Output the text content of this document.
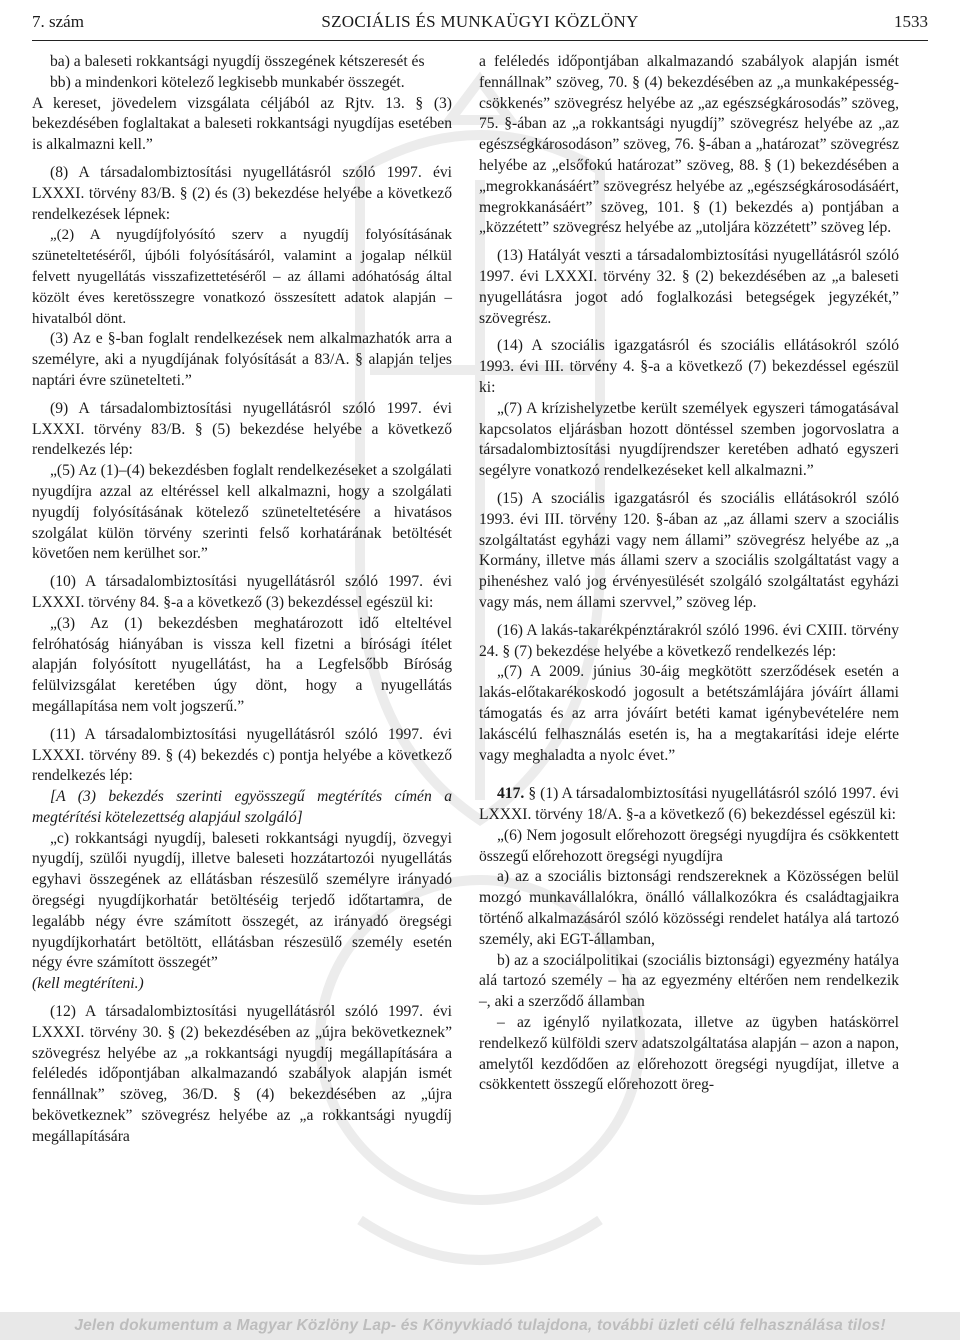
7. szám	SZOCIÁLIS ÉS MUNKAÜGYI KÖZLÖNY	1533

ba) a baleseti rokkantsági nyugdíj összegének kétszeresét és

bb) a mindenkori kötelező legkisebb munkabér összegét.

A kereset, jövedelem vizsgálata céljából az Rjtv. 13. § (3) bekezdésében foglaltakat a baleseti rokkantsági nyugdíjas esetében is alkalmazni kell.”

(8) A társadalombiztosítási nyugellátásról szóló 1997. évi LXXXI. törvény 83/B. § (2) és (3) bekezdése helyébe a következő rendelkezések lépnek:

„(2) A nyugdíjfolyósító szerv a nyugdíj folyósításának szüneteltetéséről, újbóli folyósításáról, valamint a jogalap nélkül felvett nyugellátás visszafizettetéséről – az állami adóhatóság által közölt éves keretösszegre vonatkozó összesített adatok alapján – hivatalból dönt.

(3) Az e §-ban foglalt rendelkezések nem alkalmazhatók arra a személyre, aki a nyugdíjának folyósítását a 83/A. § alapján teljes naptári évre szünetelteti.”

(9) A társadalombiztosítási nyugellátásról szóló 1997. évi LXXXI. törvény 83/B. § (5) bekezdése helyébe a következő rendelkezés lép:

„(5) Az (1)–(4) bekezdésben foglalt rendelkezéseket a szolgálati nyugdíjra azzal az eltéréssel kell alkalmazni, hogy a szolgálati nyugdíj folyósításának kötelező szüneteltetésére a hivatásos szolgálat külön törvény szerinti felső korhatárának betöltését követően nem kerülhet sor.”

(10) A társadalombiztosítási nyugellátásról szóló 1997. évi LXXXI. törvény 84. §-a a következő (3) bekezdéssel egészül ki:

„(3) Az (1) bekezdésben meghatározott idő elteltével felróhatóság hiányában is vissza kell fizetni a bírósági ítélet alapján folyósított nyugellátást, ha a Legfelsőbb Bíróság felülvizsgálat keretében úgy dönt, hogy a nyugellátás megállapítása nem volt jogszerű.”

(11) A társadalombiztosítási nyugellátásról szóló 1997. évi LXXXI. törvény 89. § (4) bekezdés c) pontja helyébe a következő rendelkezés lép:

[A (3) bekezdés szerinti egyösszegű megtérítés címén a megtérítési kötelezettség alapjául szolgáló]

„c) rokkantsági nyugdíj, baleseti rokkantsági nyugdíj, özvegyi nyugdíj, szülői nyugdíj, illetve baleseti hozzátartozói nyugellátás egyhavi összegének az ellátásban részesülő személyre irányadó öregségi nyugdíjkorhatár betöltéséig terjedő időtartamra, de legalább négy évre számított összegét, az irányadó öregségi nyugdíjkorhatárt betöltött, ellátásban részesülő személy esetén négy évre számított összegét”

(kell megtéríteni.)

(12) A társadalombiztosítási nyugellátásról szóló 1997. évi LXXXI. törvény 30. § (2) bekezdésében az „újra bekövetkeznek” szövegrész helyébe az „a rokkantsági nyugdíj megállapítására a feléledés időpontjában alkalmazandó szabályok alapján ismét fennállnak” szöveg, 36/D. § (4) bekezdésében az „újra bekövetkeznek” szövegrész helyébe az „a rokkantsági nyugdíj megállapítására

a feléledés időpontjában alkalmazandó szabályok alapján ismét fennállnak” szöveg, 70. § (4) bekezdésében az „a munkaképesség-csökkenés” szövegrész helyébe az „az egészségkárosodás” szöveg, 75. §-ában az „a rokkantsági nyugdíj” szövegrész helyébe az „az egészségkárosodáson” szöveg, 76. §-ában a „határozat” szövegrész helyébe az „elsőfokú határozat” szöveg, 88. § (1) bekezdésében a „megrokkanásáért” szövegrész helyébe az „egészségkárosodásáért, megrokkanásáért” szöveg, 101. § (1) bekezdés a) pontjában a „közzétett” szövegrész helyébe az „utoljára közzétett” szöveg lép.

(13) Hatályát veszti a társadalombiztosítási nyugellátásról szóló 1997. évi LXXXI. törvény 32. § (2) bekezdésében az „a baleseti nyugellátásra jogot adó foglalkozási betegségek jegyzékét,” szövegrész.

(14) A szociális igazgatásról és szociális ellátásokról szóló 1993. évi III. törvény 4. §-a a következő (7) bekezdéssel egészül ki:

„(7) A krízishelyzetbe került személyek egyszeri támogatásával kapcsolatos eljárásban hozott döntéssel szemben jogorvoslatra a társadalombiztosítási nyugdíjrendszer keretében adható egyszeri segélyre vonatkozó rendelkezéseket kell alkalmazni.”

(15) A szociális igazgatásról és szociális ellátásokról szóló 1993. évi III. törvény 120. §-ában az „az állami szerv a szociális szolgáltatást egyházi vagy nem állami” szövegrész helyébe az „a Kormány, illetve más állami szerv a szociális szolgáltatást vagy a pihenéshez való jog érvényesülését szolgáló szolgáltatást egyházi vagy más, nem állami szervvel,” szöveg lép.

(16) A lakás-takarékpénztárakról szóló 1996. évi CXIII. törvény 24. § (7) bekezdése helyébe a következő rendelkezés lép:

„(7) A 2009. június 30-áig megkötött szerződések esetén a lakás-előtakarékoskodó jogosult a betétszámlájára jóváírt állami támogatás és az arra jóváírt betéti kamat igénybevételére nem lakáscélú felhasználás esetén is, ha a megtakarítási ideje elérte vagy meghaladta a nyolc évet.”

417. § (1) A társadalombiztosítási nyugellátásról szóló 1997. évi LXXXI. törvény 18/A. §-a a következő (6) bekezdéssel egészül ki:

„(6) Nem jogosult előrehozott öregségi nyugdíjra és csökkentett összegű előrehozott öregségi nyugdíjra

a) az a szociális biztonsági rendszereknek a Közösségen belül mozgó munkavállalókra, önálló vállalkozókra és családtagjaikra történő alkalmazásáról szóló közösségi rendelet hatálya alá tartozó személy, aki EGT-államban,

b) az a szociálpolitikai (szociális biztonsági) egyezmény hatálya alá tartozó személy – ha az egyezmény eltérően nem rendelkezik –, aki a szerződő államban

– az igénylő nyilatkozata, illetve az ügyben hatáskörrel rendelkező külföldi szerv adatszolgáltatása alapján – azon a napon, amelytől kezdődően az előrehozott öregségi nyugdíjat, illetve a csökkentett összegű előrehozott öreg-

Jelen dokumentum a Magyar Közlöny Lap- és Könyvkiadó tulajdona, további üzleti célú felhasználása tilos!
